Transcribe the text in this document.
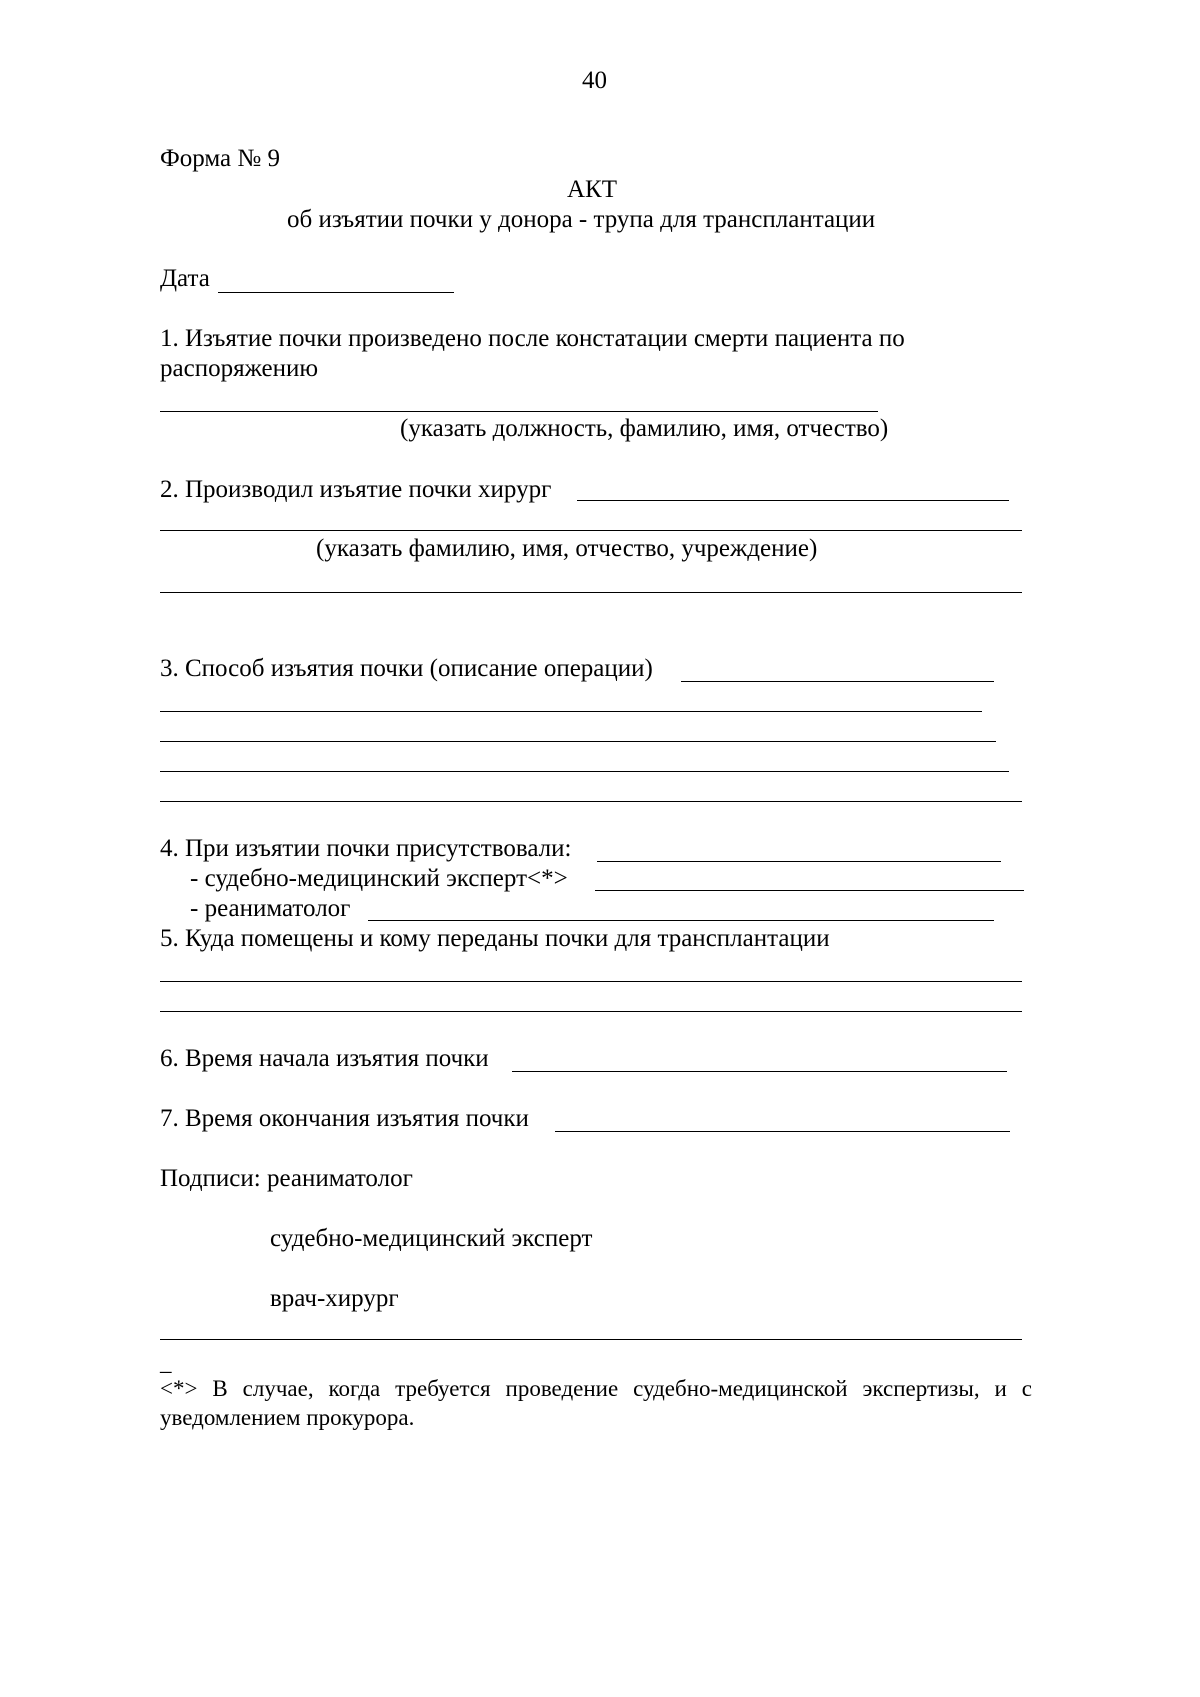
40
Форма № 9
АКТ
об изъятии почки у донора - трупа для трансплантации
Дата
1. Изъятие почки произведено после констатации смерти пациента по
распоряжению
(указать должность, фамилию, имя, отчество)
2. Производил изъятие почки хирург
(указать фамилию, имя, отчество, учреждение)
3. Способ изъятия почки (описание операции)
4. При изъятии почки присутствовали:
- судебно-медицинский эксперт<*>
- реаниматолог
5. Куда помещены и кому переданы почки для трансплантации
6. Время начала изъятия почки
7. Время окончания изъятия почки
Подписи: реаниматолог
судебно-медицинский эксперт
врач-хирург
_
<*> В случае, когда требуется проведение судебно-медицинской экспертизы, и с
уведомлением прокурора.
